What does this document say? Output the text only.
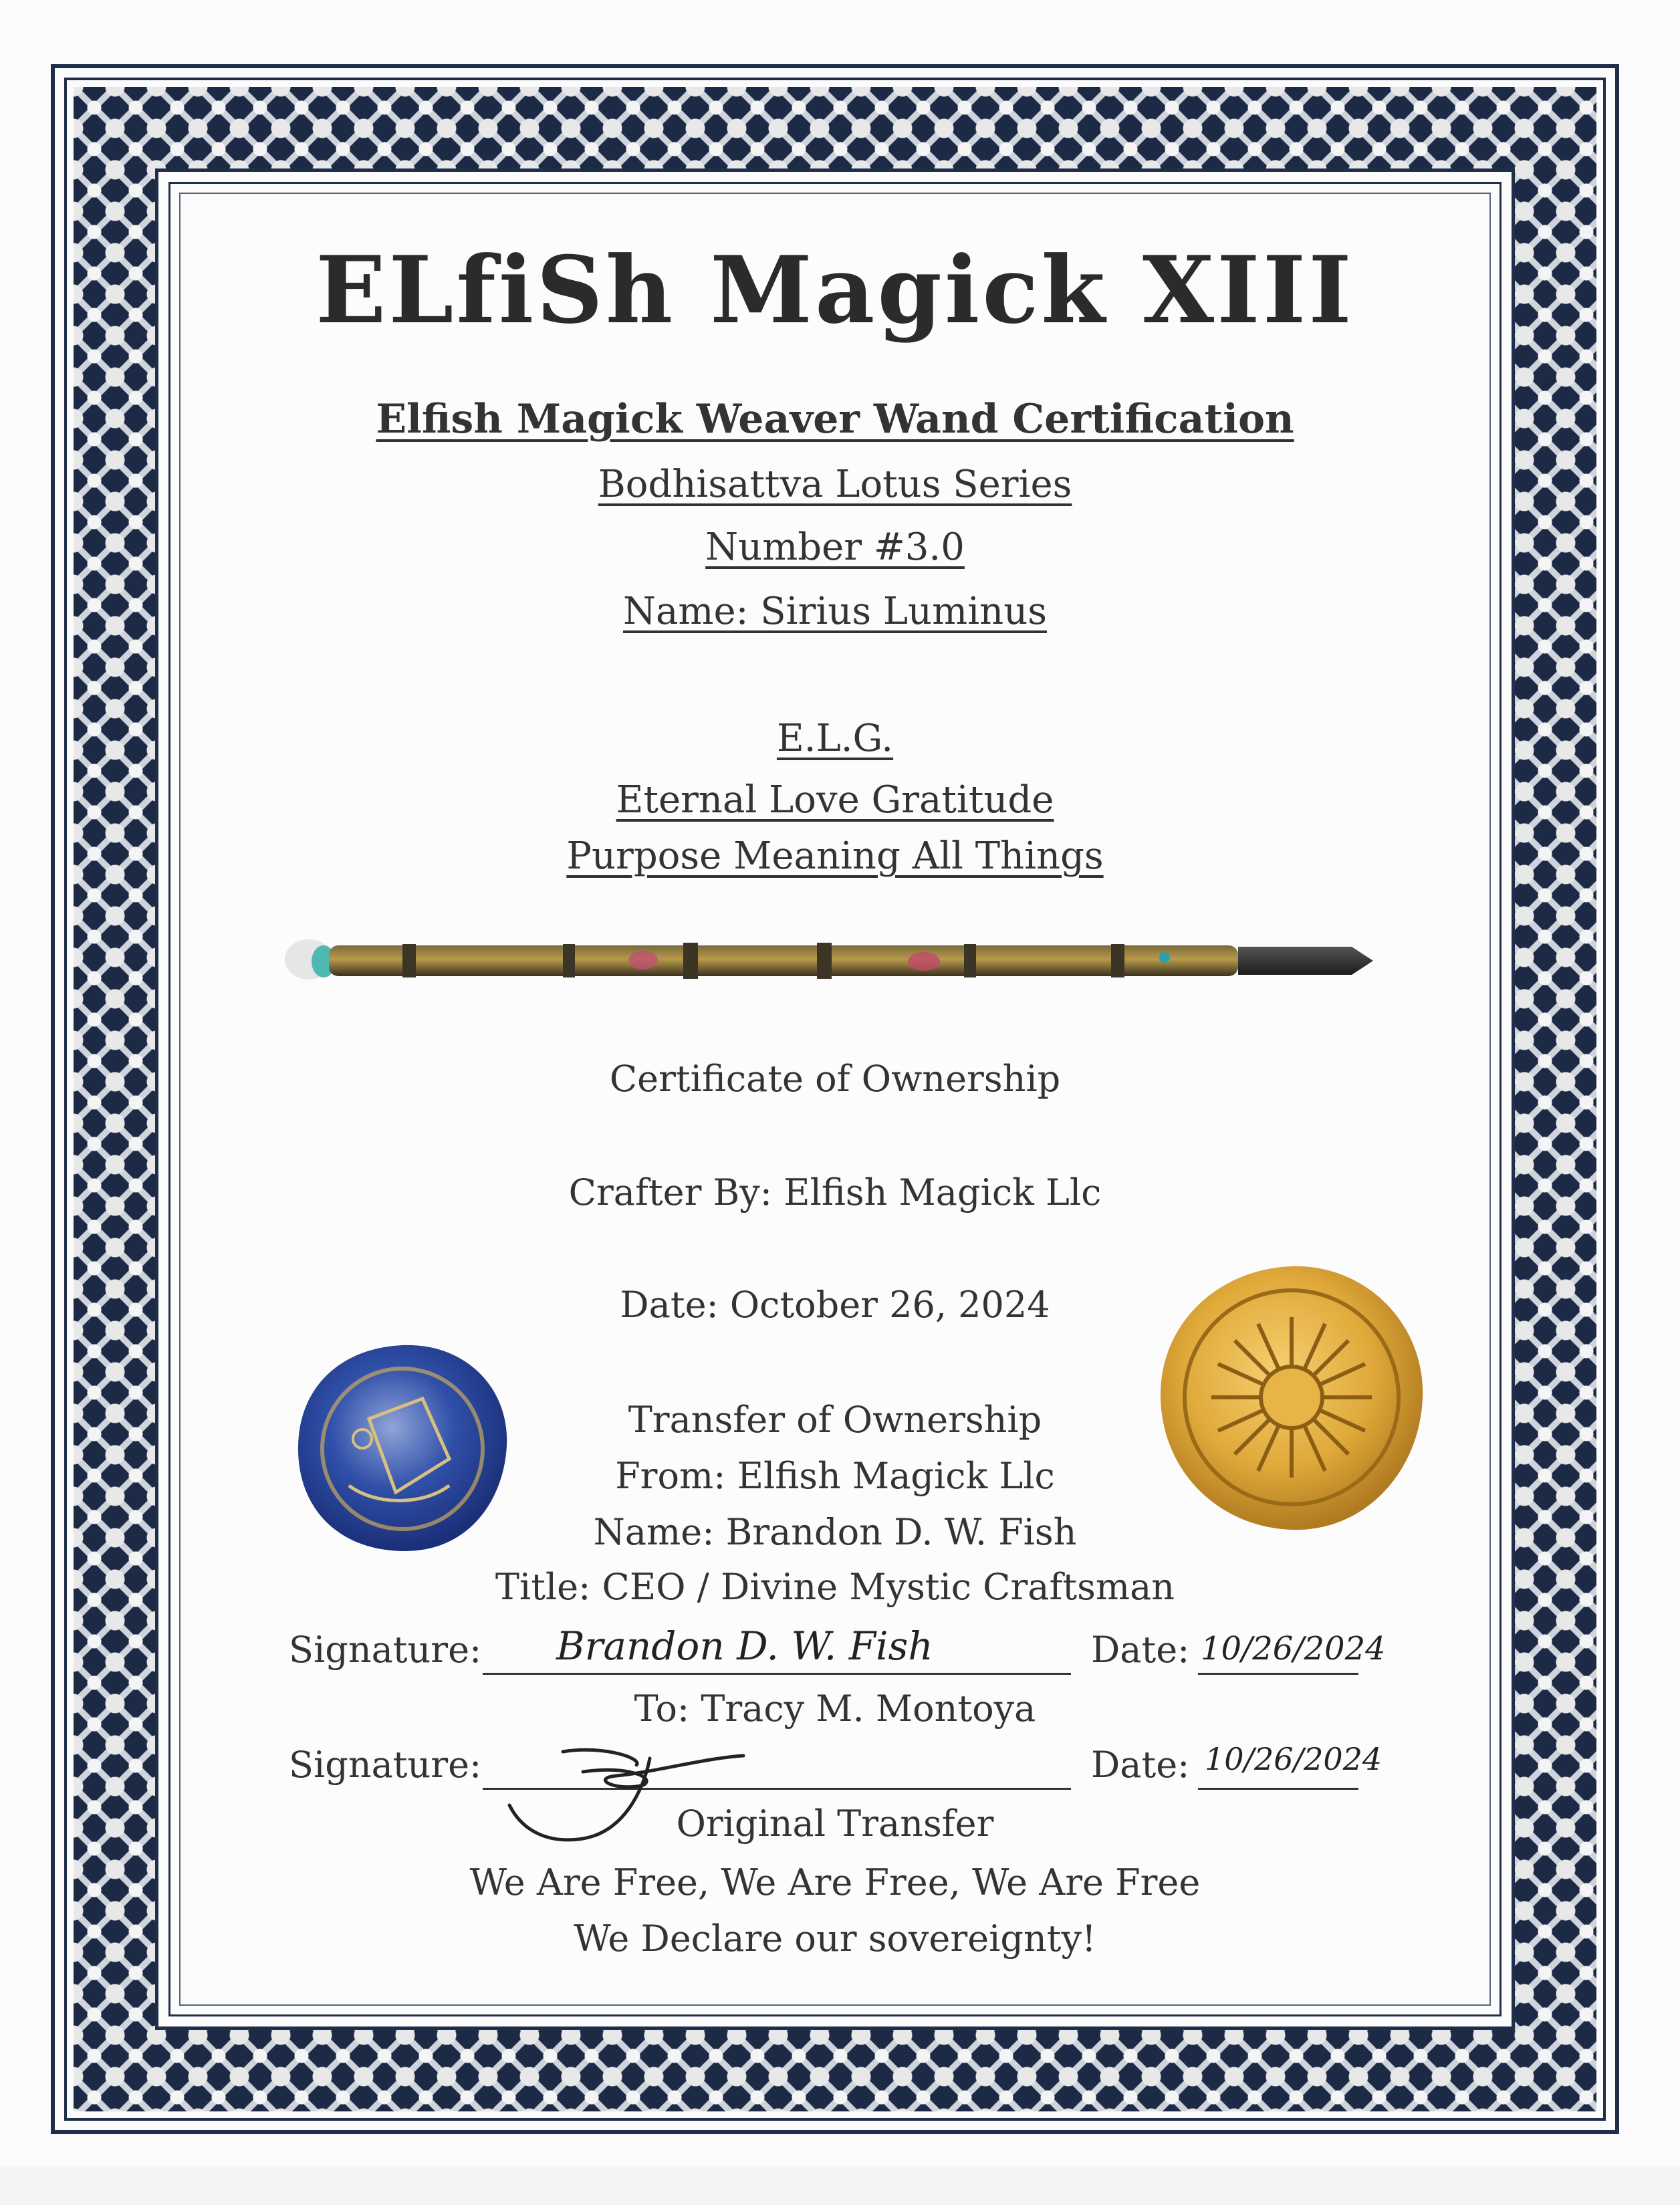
ELfiSh Magick XIII
Elfish Magick Weaver Wand Certification
Bodhisattva Lotus Series
Number #3.0
Name: Sirius Luminus
E.L.G.
Eternal Love Gratitude
Purpose Meaning All Things
Certificate of Ownership
Crafter By: Elfish Magick Llc
Date: October 26, 2024
Transfer of Ownership
From: Elfish Magick Llc
Name: Brandon D. W. Fish
Title: CEO / Divine Mystic Craftsman
Signature: Brandon D. W. Fish	Date: 10/26/2024
To: Tracy M. Montoya
Signature:	Date: 10/26/2024
Original Transfer
We Are Free, We Are Free, We Are Free
We Declare our sovereignty!
